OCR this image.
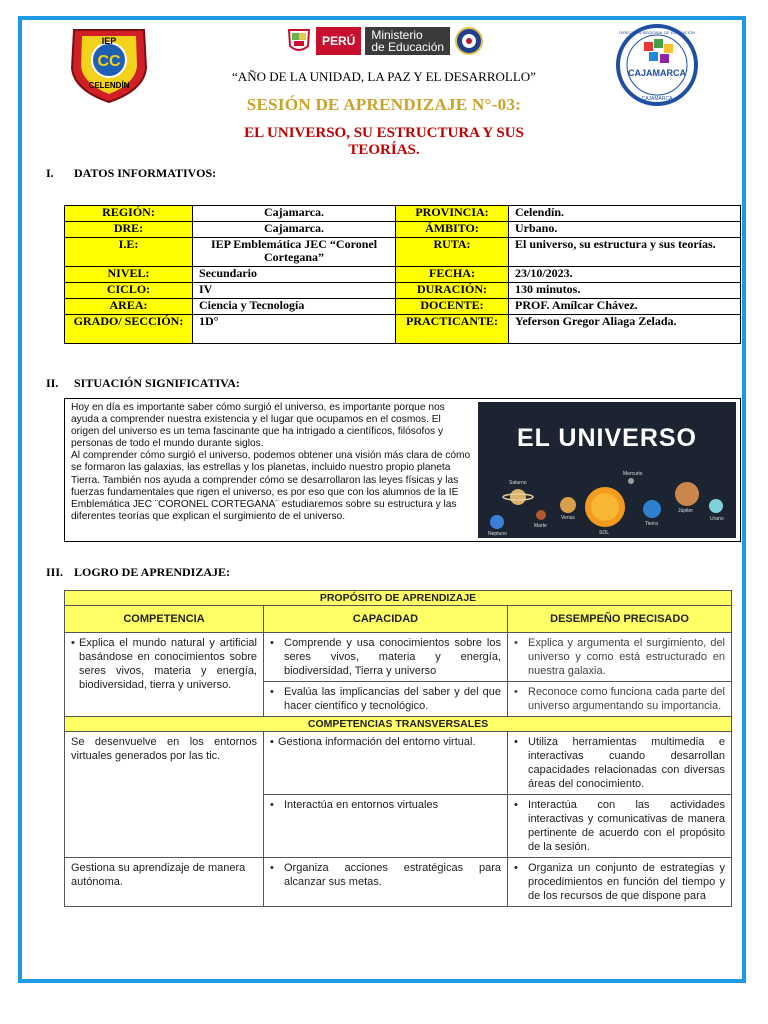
CC
IEP
CELENDÍN
PERÚ	Ministerio
de Educación
CAJAMARCA
DIRECCIÓN REGIONAL DE EDUCACIÓN
CAJAMARCA
“AÑO DE LA UNIDAD, LA PAZ Y EL DESARROLLO”
SESIÓN DE APRENDIZAJE N°-03:
EL UNIVERSO, SU ESTRUCTURA Y SUS TEORÍAS.
I. DATOS INFORMATIVOS:
REGIÓN:	Cajamarca.	PROVINCIA:	Celendín.
DRE:	Cajamarca.	ÁMBITO:	Urbano.
I.E:	IEP Emblemática JEC “Coronel Cortegana”	RUTA:	El universo, su estructura y sus teorías.
NIVEL:	Secundario	FECHA:	23/10/2023.
CICLO:	IV	DURACIÓN:	130 minutos.
AREA:	Ciencia y Tecnología	DOCENTE:	PROF. Amílcar Chávez.
GRADO/ SECCIÓN:	1D°	PRACTICANTE:	Yeferson Gregor Aliaga Zelada.
II. SITUACIÓN SIGNIFICATIVA:
Hoy en día es importante saber cómo surgió el universo, es importante porque nos ayuda a comprender nuestra existencia y el lugar que ocupamos en el cosmos. El origen del universo es un tema fascinante que ha intrigado a científicos, filósofos y personas de todo el mundo durante siglos.
Al comprender cómo surgió el universo, podemos obtener una visión más clara de cómo se formaron las galaxias, las estrellas y los planetas, incluido nuestro propio planeta Tierra. También nos ayuda a comprender cómo se desarrollaron las leyes físicas y las fuerzas fundamentales que rigen el universo, es por eso que con los alumnos de la IE Emblemática JEC ¨CORONEL CORTEGANA¨ estudiaremos sobre su estructura y las diferentes teorías que explican el surgimiento de el universo.
EL UNIVERSO
Saturno
Mercurio
Júpiter
Urano
Neptuno
Marte
Venus
SOL
Tierra
III. LOGRO DE APRENDIZAJE:
PROPÓSITO DE APRENDIZAJE		
COMPETENCIA	CAPACIDAD	DESEMPEÑO PRECISADO

• Explica el mundo natural y artificial basándose en conocimientos sobre seres vivos, materia y energía, biodiversidad, tierra y universo.	• Comprende y usa conocimientos sobre los seres vivos, materia y energía, biodiversidad, Tierra y universo	• Explica y argumenta el surgimiento, del universo y como está estructurado en nuestra galaxia.

	• Evalúa las implicancias del saber y del que hacer científico y tecnológico.	• Reconoce como funciona cada parte del universo argumentando su importancia.

COMPETENCIAS TRANSVERSALES		
Se desenvuelve en los entornos virtuales generados por las tic.	▪ Gestiona información del entorno virtual.	• Utiliza herramientas multimedia e interactivas cuando desarrollan capacidades relacionadas con diversas áreas del conocimiento.

	• Interactúa en entornos virtuales	• Interactúa con las actividades interactivas y comunicativas de manera pertinente de acuerdo con el propósito de la sesión.

Gestiona su aprendizaje de manera autónoma.	• Organiza acciones estratégicas para alcanzar sus metas.	• Organiza un conjunto de estrategias y procedimientos en función del tiempo y de los recursos de que dispone para
